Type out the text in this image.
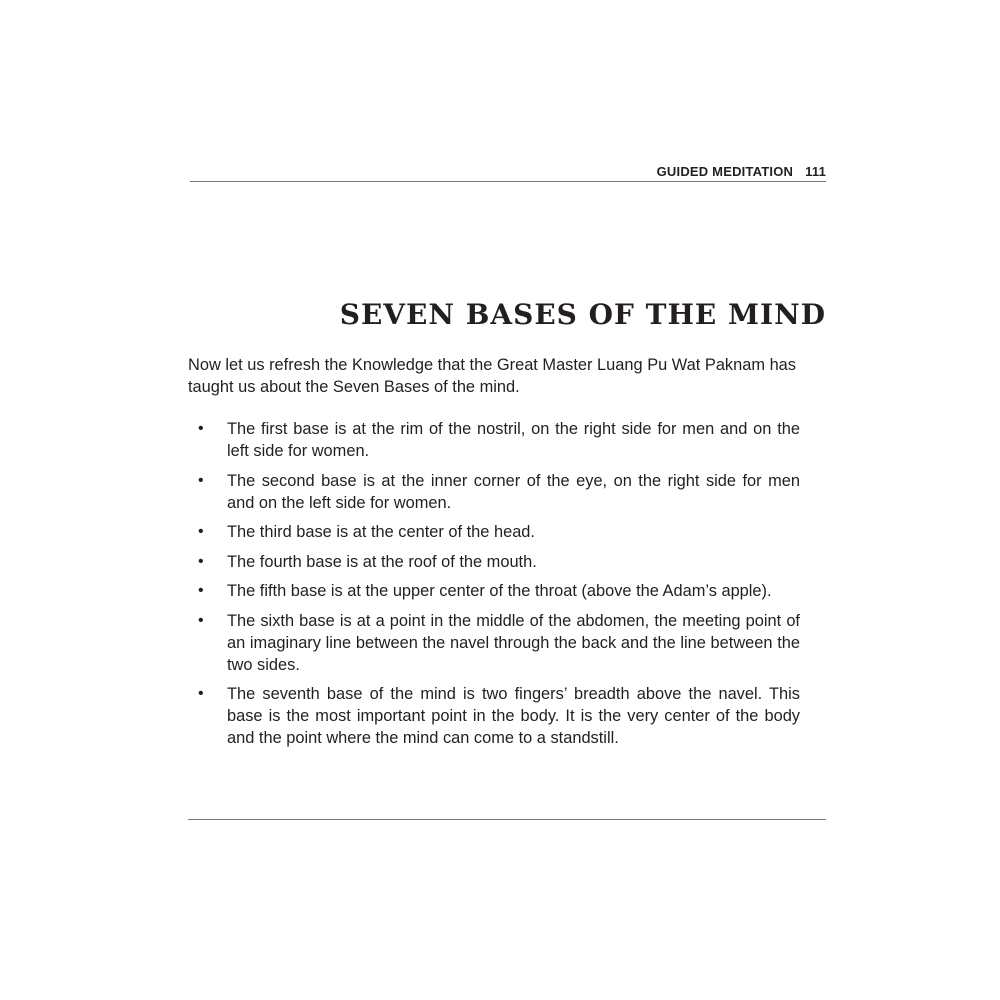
GUIDED MEDITATION 111
SEVEN BASES OF THE MIND

Now let us refresh the Knowledge that the Great Master Luang Pu Wat Paknam has taught us about the Seven Bases of the mind.

• The first base is at the rim of the nostril, on the right side for men and on the left side for women.
• The second base is at the inner corner of the eye, on the right side for men and on the left side for women.
• The third base is at the center of the head.
• The fourth base is at the roof of the mouth.
• The fifth base is at the upper center of the throat (above the Adam’s apple).
• The sixth base is at a point in the middle of the abdomen, the meeting point of an imaginary line between the navel through the back and the line between the two sides.
• The seventh base of the mind is two fingers’ breadth above the navel. This base is the most important point in the body. It is the very center of the body and the point where the mind can come to a standstill.
